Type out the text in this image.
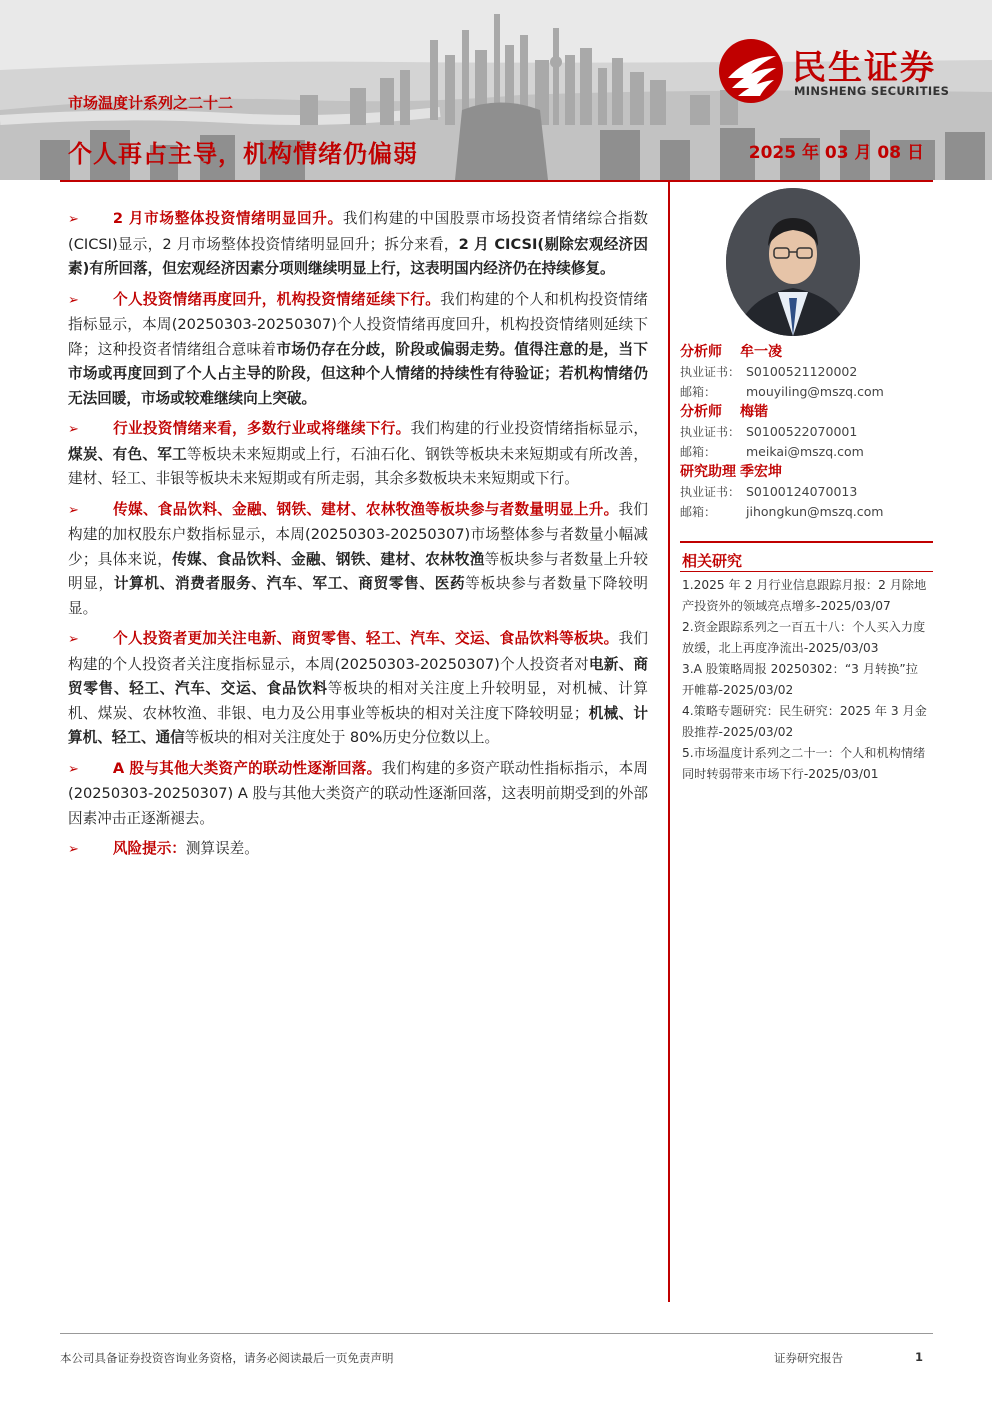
市场温度计系列之二十二
个人再占主导，机构情绪仍偏弱	2025 年 03 月 08 日
民生证券
MINSHENG SECURITIES
➢ 2 月市场整体投资情绪明显回升。我们构建的中国股票市场投资者情绪综合指数(CICSI)显示，2 月市场整体投资情绪明显回升；拆分来看，2 月 CICSI(剔除宏观经济因素)有所回落，但宏观经济因素分项则继续明显上行，这表明国内经济仍在持续修复。
➢ 个人投资情绪再度回升，机构投资情绪延续下行。我们构建的个人和机构投资情绪指标显示，本周(20250303-20250307)个人投资情绪再度回升，机构投资情绪则延续下降；这种投资者情绪组合意味着市场仍存在分歧，阶段或偏弱走势。值得注意的是，当下市场或再度回到了个人占主导的阶段，但这种个人情绪的持续性有待验证；若机构情绪仍无法回暖，市场或较难继续向上突破。
➢ 行业投资情绪来看，多数行业或将继续下行。我们构建的行业投资情绪指标显示，煤炭、有色、军工等板块未来短期或上行，石油石化、钢铁等板块未来短期或有所改善，建材、轻工、非银等板块未来短期或有所走弱，其余多数板块未来短期或下行。
➢ 传媒、食品饮料、金融、钢铁、建材、农林牧渔等板块参与者数量明显上升。我们构建的加权股东户数指标显示，本周(20250303-20250307)市场整体参与者数量小幅减少；具体来说，传媒、食品饮料、金融、钢铁、建材、农林牧渔等板块参与者数量上升较明显，计算机、消费者服务、汽车、军工、商贸零售、医药等板块参与者数量下降较明显。
➢ 个人投资者更加关注电新、商贸零售、轻工、汽车、交运、食品饮料等板块。我们构建的个人投资者关注度指标显示，本周(20250303-20250307)个人投资者对电新、商贸零售、轻工、汽车、交运、食品饮料等板块的相对关注度上升较明显，对机械、计算机、煤炭、农林牧渔、非银、电力及公用事业等板块的相对关注度下降较明显；机械、计算机、轻工、通信等板块的相对关注度处于 80%历史分位数以上。
➢ A 股与其他大类资产的联动性逐渐回落。我们构建的多资产联动性指标指示，本周(20250303-20250307) A 股与其他大类资产的联动性逐渐回落，这表明前期受到的外部因素冲击正逐渐褪去。
➢ 风险提示：测算误差。
分析师 牟一凌
执业证书： S0100521120002
邮箱： mouyiling@mszq.com
分析师 梅锴
执业证书： S0100522070001
邮箱： meikai@mszq.com
研究助理 季宏坤
执业证书： S0100124070013
邮箱： jihongkun@mszq.com
相关研究
1.2025 年 2 月行业信息跟踪月报：2 月除地产投资外的领域亮点增多-2025/03/07
2.资金跟踪系列之一百五十八：个人买入力度放缓，北上再度净流出-2025/03/03
3.A 股策略周报 20250302：“3 月转换”拉开帷幕-2025/03/02
4.策略专题研究：民生研究：2025 年 3 月金股推荐-2025/03/02
5.市场温度计系列之二十一：个人和机构情绪同时转弱带来市场下行-2025/03/01
本公司具备证券投资咨询业务资格，请务必阅读最后一页免责声明	证券研究报告	1
